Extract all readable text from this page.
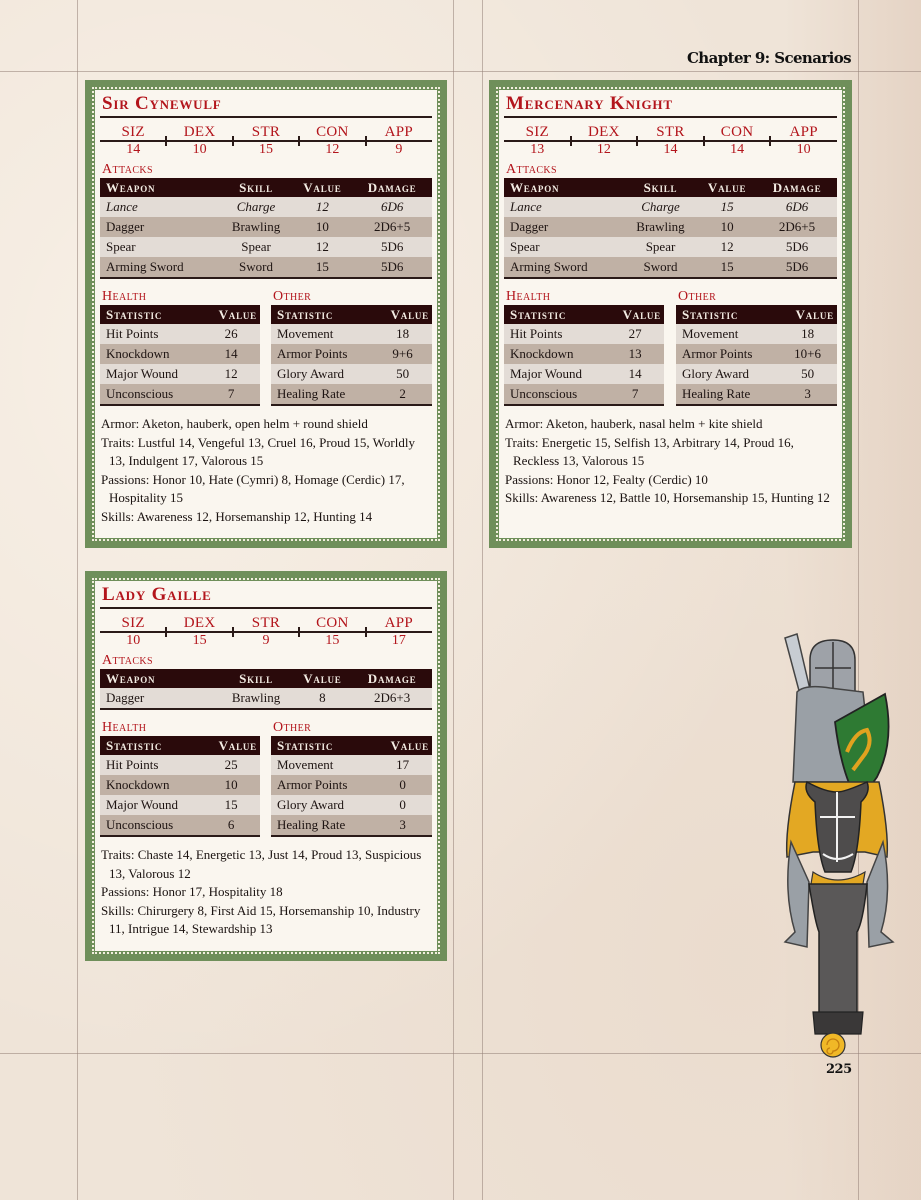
Chapter 9: Scenarios
Sir Cynewulf
SIZ
14
DEX
10
STR
15
CON
12
APP
9
Attacks
Weapon	Skill	Value	Damage
Lance	Charge	12	6D6
Dagger	Brawling	10	2D6+5
Spear	Spear	12	5D6
Arming Sword	Sword	15	5D6
Health
Statistic	Value
Hit Points	26
Knockdown	14
Major Wound	12
Unconscious	7
Other
Statistic	Value
Movement	18
Armor Points	9+6
Glory Award	50
Healing Rate	2
Armor: Aketon, hauberk, open helm + round shield
Traits: Lustful 14, Vengeful 13, Cruel 16, Proud 15, Worldly 13, Indulgent 17, Valorous 15
Passions: Honor 10, Hate (Cymri) 8, Homage (Cerdic) 17, Hospitality 15
Skills: Awareness 12, Horsemanship 12, Hunting 14
Mercenary Knight
SIZ
13
DEX
12
STR
14
CON
14
APP
10
Attacks
Weapon	Skill	Value	Damage
Lance	Charge	15	6D6
Dagger	Brawling	10	2D6+5
Spear	Spear	12	5D6
Arming Sword	Sword	15	5D6
Health
Statistic	Value
Hit Points	27
Knockdown	13
Major Wound	14
Unconscious	7
Other
Statistic	Value
Movement	18
Armor Points	10+6
Glory Award	50
Healing Rate	3
Armor: Aketon, hauberk, nasal helm + kite shield
Traits: Energetic 15, Selfish 13, Arbitrary 14, Proud 16, Reckless 13, Valorous 15
Passions: Honor 12, Fealty (Cerdic) 10
Skills: Awareness 12, Battle 10, Horsemanship 15, Hunting 12
Lady Gaille
SIZ
10
DEX
15
STR
9
CON
15
APP
17
Attacks
Weapon	Skill	Value	Damage
Dagger	Brawling	8	2D6+3
Health
Statistic	Value
Hit Points	25
Knockdown	10
Major Wound	15
Unconscious	6
Other
Statistic	Value
Movement	17
Armor Points	0
Glory Award	0
Healing Rate	3
Traits: Chaste 14, Energetic 13, Just 14, Proud 13, Suspicious 13, Valorous 12
Passions: Honor 17, Hospitality 18
Skills: Chirurgery 8, First Aid 15, Horsemanship 10, Industry 11, Intrigue 14, Stewardship 13
225
